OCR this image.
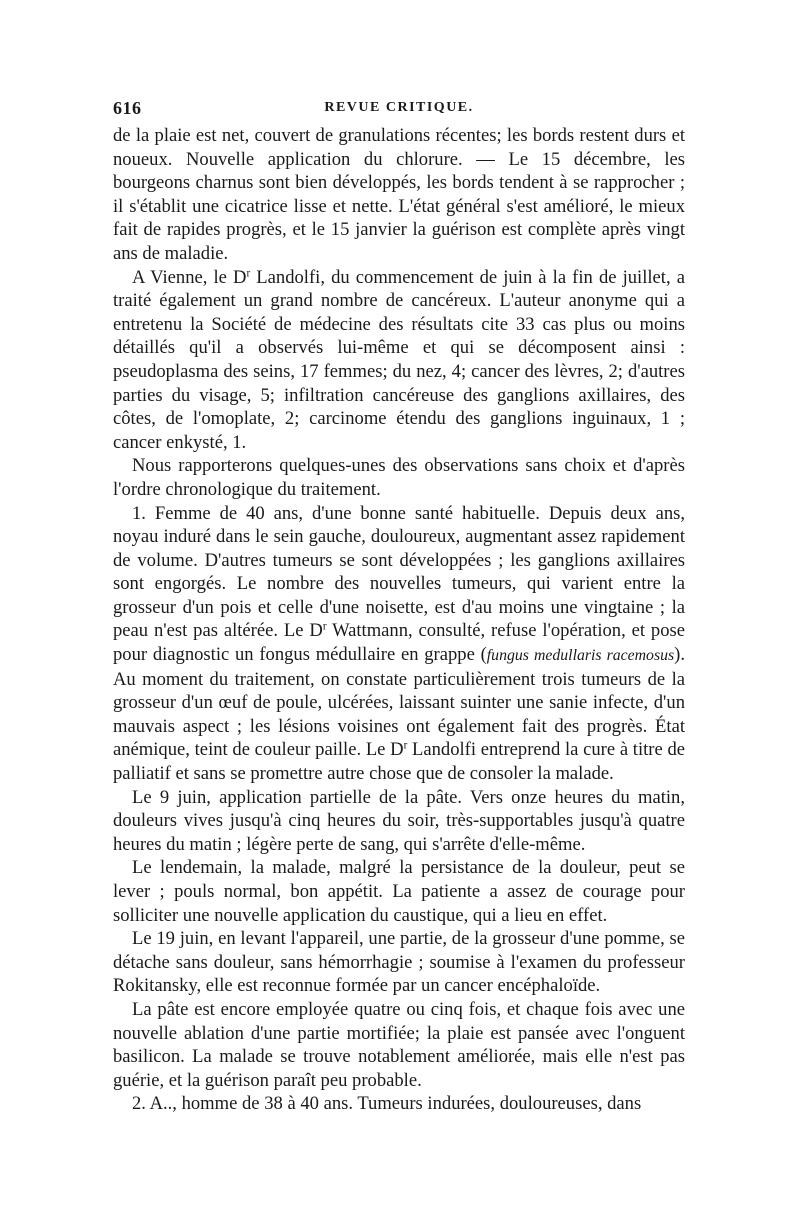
616	REVUE CRITIQUE.

de la plaie est net, couvert de granulations récentes; les bords restent durs et noueux. Nouvelle application du chlorure. — Le 15 décembre, les bourgeons charnus sont bien développés, les bords tendent à se rapprocher ; il s'établit une cicatrice lisse et nette. L'état général s'est amélioré, le mieux fait de rapides progrès, et le 15 janvier la guérison est complète après vingt ans de maladie.

A Vienne, le $D^r$ Landolfi, du commencement de juin à la fin de juillet, a traité également un grand nombre de cancéreux. L'auteur anonyme qui a entretenu la Société de médecine des résultats cite 33 cas plus ou moins détaillés qu'il a observés lui-même et qui se décomposent ainsi : pseudoplasma des seins, 17 femmes; du nez, 4; cancer des lèvres, 2; d'autres parties du visage, 5; infiltration cancéreuse des ganglions axillaires, des côtes, de l'omoplate, 2; carcinome étendu des ganglions inguinaux, 1 ; cancer enkysté, 1.

Nous rapporterons quelques-unes des observations sans choix et d'après l'ordre chronologique du traitement.

1. Femme de 40 ans, d'une bonne santé habituelle. Depuis deux ans, noyau induré dans le sein gauche, douloureux, augmentant assez rapidement de volume. D'autres tumeurs se sont développées ; les ganglions axillaires sont engorgés. Le nombre des nouvelles tumeurs, qui varient entre la grosseur d'un pois et celle d'une noisette, est d'au moins une vingtaine ; la peau n'est pas altérée. Le $D^r$ Wattmann, consulté, refuse l'opération, et pose pour diagnostic un fongus médullaire en grappe (fungus medullaris racemosus). Au moment du traitement, on constate particulièrement trois tumeurs de la grosseur d'un œuf de poule, ulcérées, laissant suinter une sanie infecte, d'un mauvais aspect ; les lésions voisines ont également fait des progrès. État anémique, teint de couleur paille. Le $D^r$ Landolfi entreprend la cure à titre de palliatif et sans se promettre autre chose que de consoler la malade.

Le 9 juin, application partielle de la pâte. Vers onze heures du matin, douleurs vives jusqu'à cinq heures du soir, très-supportables jusqu'à quatre heures du matin ; légère perte de sang, qui s'arrête d'elle-même.

Le lendemain, la malade, malgré la persistance de la douleur, peut se lever ; pouls normal, bon appétit. La patiente a assez de courage pour solliciter une nouvelle application du caustique, qui a lieu en effet.

Le 19 juin, en levant l'appareil, une partie, de la grosseur d'une pomme, se détache sans douleur, sans hémorrhagie ; soumise à l'examen du professeur Rokitansky, elle est reconnue formée par un cancer encéphaloïde.

La pâte est encore employée quatre ou cinq fois, et chaque fois avec une nouvelle ablation d'une partie mortifiée; la plaie est pansée avec l'onguent basilicon. La malade se trouve notablement améliorée, mais elle n'est pas guérie, et la guérison paraît peu probable.

2. A.., homme de 38 à 40 ans. Tumeurs indurées, douloureuses, dans
